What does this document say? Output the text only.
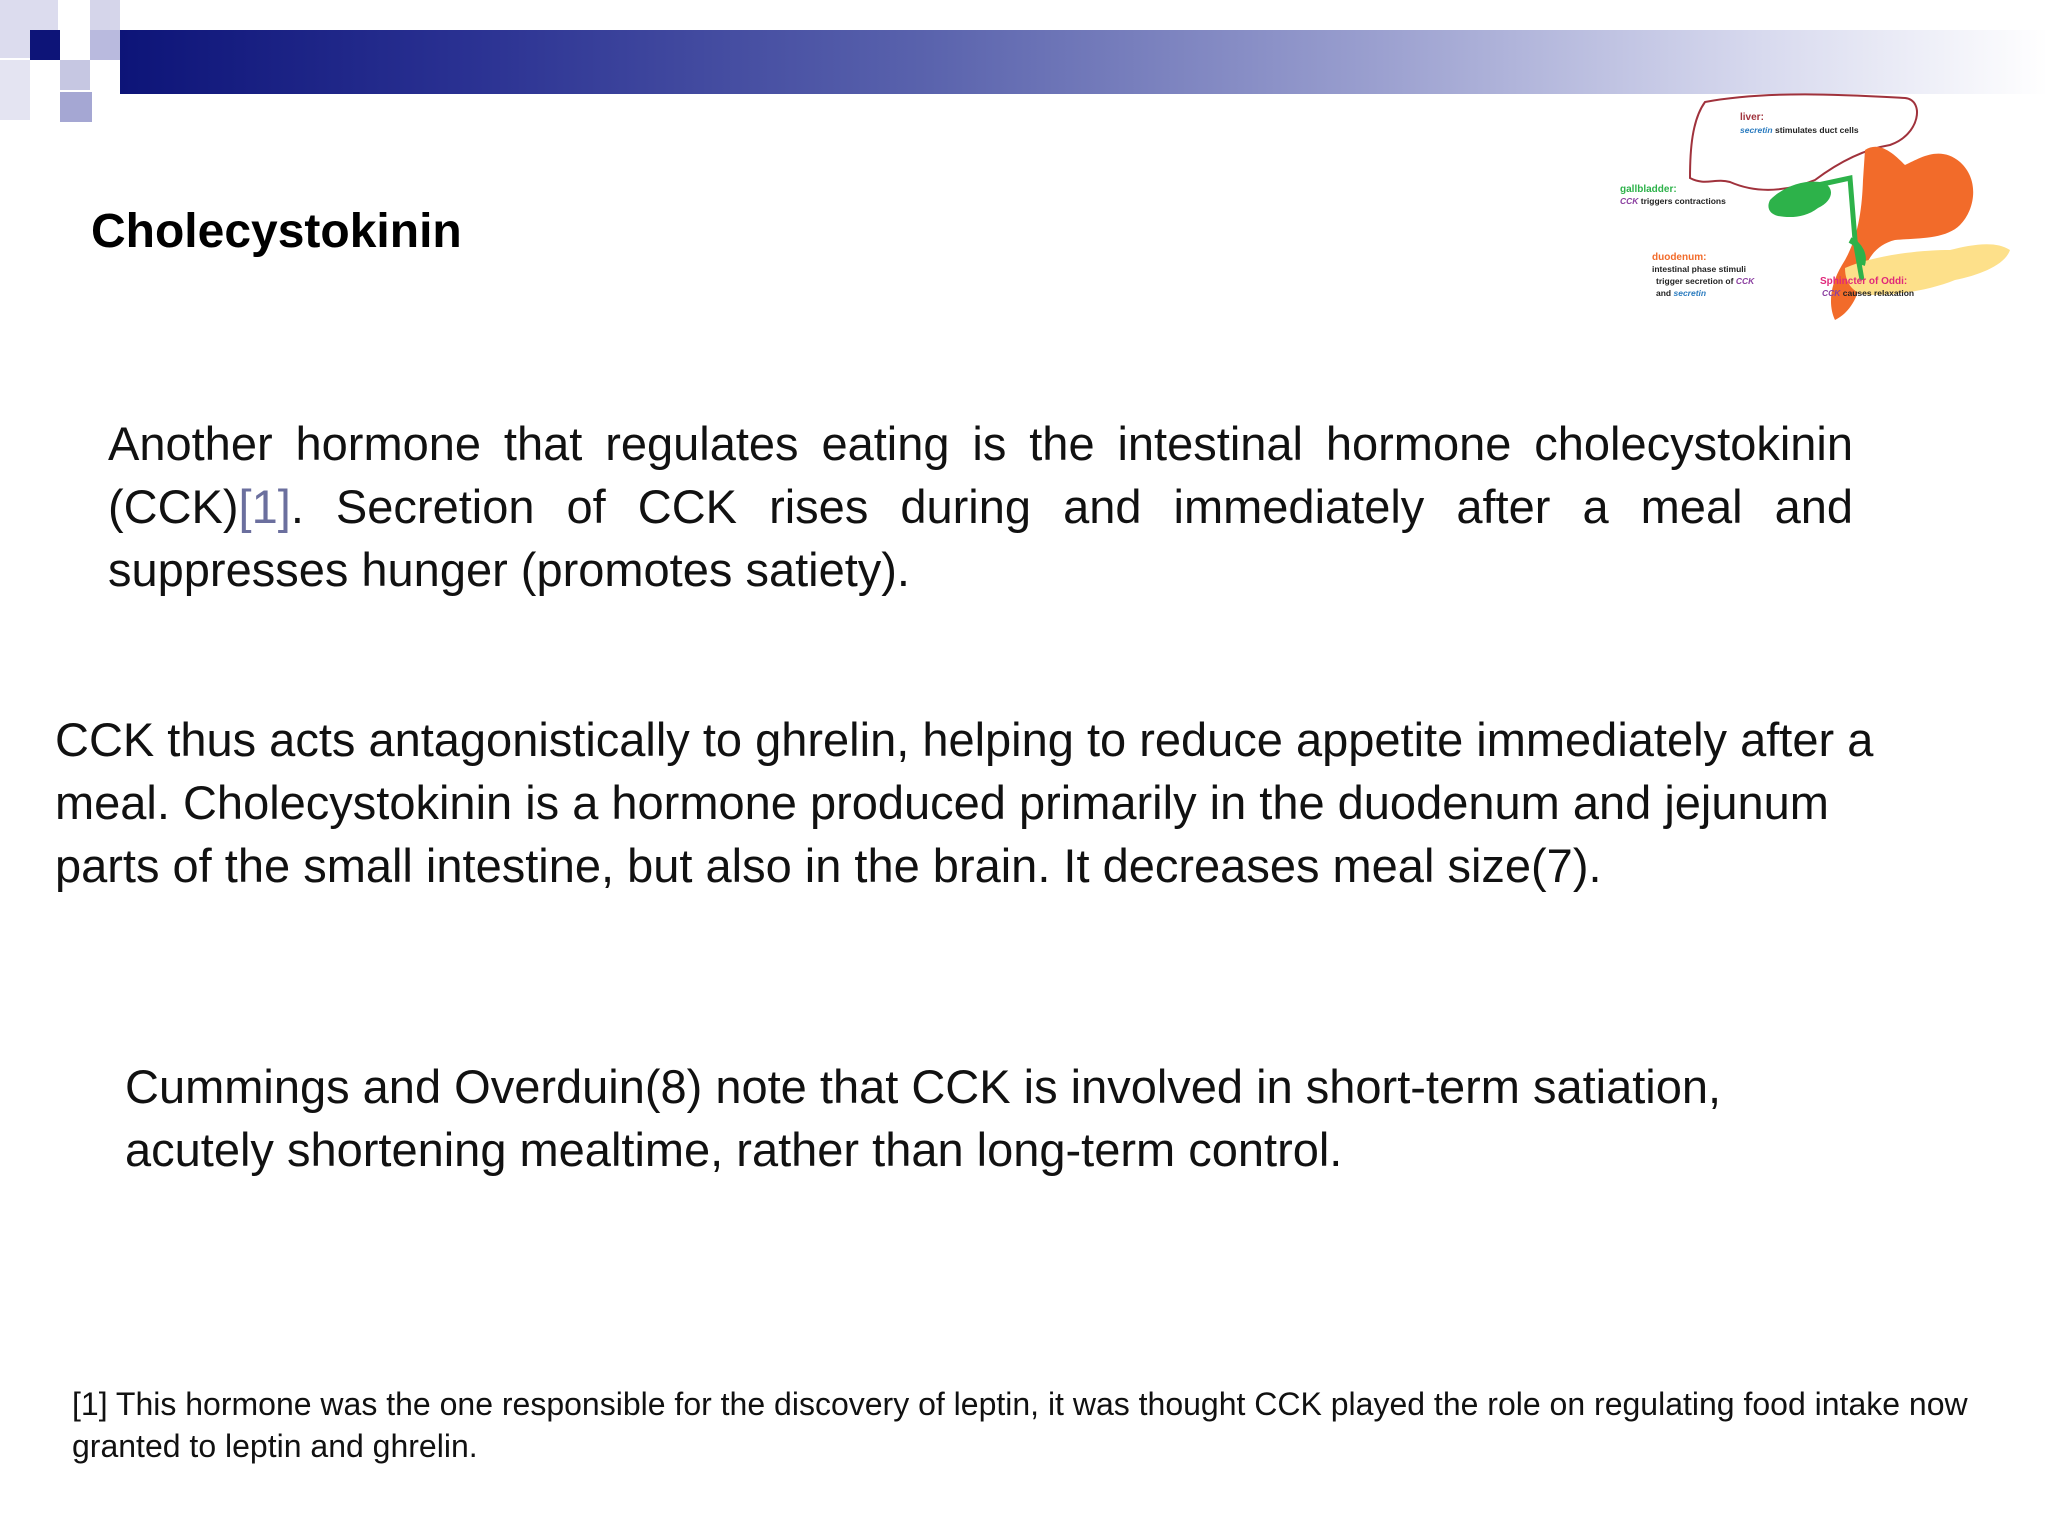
Cholecystokinin
liver:
secretin stimulates duct cells
gallbladder:
CCK triggers contractions
duodenum:
intestinal phase stimuli
trigger secretion of CCK
and secretin
Sphincter of Oddi:
CCK causes relaxation

Another hormone that regulates eating is the intestinal hormone cholecystokinin (CCK)[1]. Secretion of CCK rises during and immediately after a meal and suppresses hunger (promotes satiety).

CCK thus acts antagonistically to ghrelin, helping to reduce appetite immediately after a meal. Cholecystokinin is a hormone produced primarily in the duodenum and jejunum parts of the small intestine, but also in the brain. It decreases meal size(7).

Cummings and Overduin(8) note that CCK is involved in short-term satiation, acutely shortening mealtime, rather than long-term control.

[1] This hormone was the one responsible for the discovery of leptin, it was thought CCK played the role on regulating food intake now granted to leptin and ghrelin.
